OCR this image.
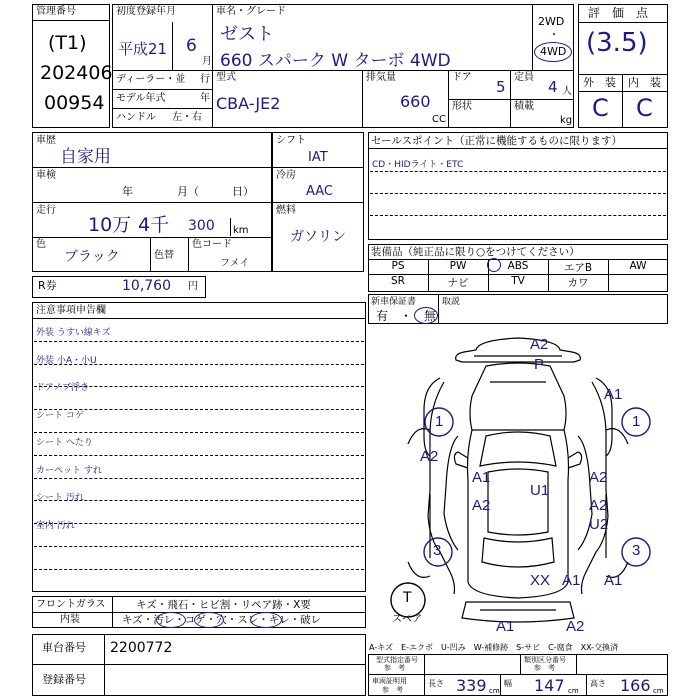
管理番号
(T1)
202406
00954
初度登録年月
平成21 6
月
車名・グレード
ゼスト
660 スパーク W ターボ 4WD
2WD
・
4WD
ディーラー・並 行
モデル年式	年
ハンドル 左・右
型式
CBA-JE2
排気量
660
CC
ドア
5
定員
4 人
形状	積載
kg
評　価　点
(3.5)
外　装 内　装
C C
車歴
自家用
車検
年　　　　月（　　　日）
走行
10万 4千 300 km
色
ブラック	色替
色コード
フメイ
シフト
IAT
冷房
AAC
燃料
ガソリン
セールスポイント（正常に機能するものに限ります）
CD・HIDライト・ETC
装備品（純正品に限り○をつけてください）
PS	PW	ABS	エアB	AW
SR	ナビ	TV	カワ
R券	10,760 円
新車保証書	取説
有　・　無
注意事項申告欄
外装 うすい線キズ
外装 小A・小U
ドアノブ浮き
シート コゲ
シート へたり
カーペット すれ
シート 汚れ
室内 汚れ
フロントガラス	キズ・飛石・ヒビ割・リペア跡・X要
内装	キズ・汚レ・コゲ・穴・スレ・キレ・破レ
車台番号 2200772
登録番号
A-キズ　E-エクボ　U-凹み　W-補修跡　S-サビ　C-腐食　XX-交換済
型式指定番号
参　考
類別区分番号
参　考
車両証明用
参　考
長さ 339 cm
幅 147 cm
高さ 166 cm
A2
P
A1
1	1
A2
A1	A2
U1
A2	A2
U2
3	3
XX A1 A1
A1	A2
T
スペア
